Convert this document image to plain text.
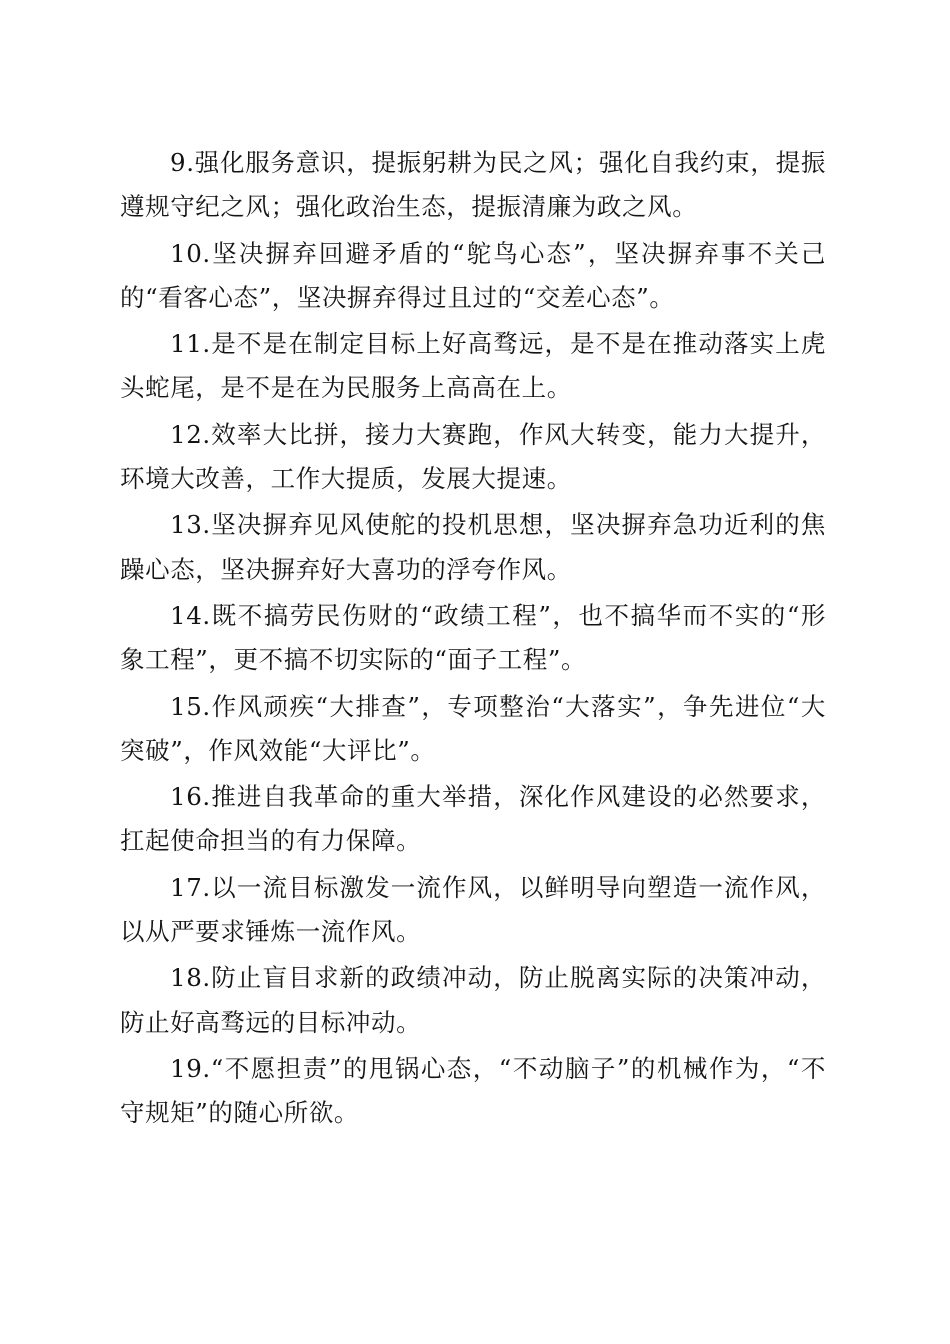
9.强化服务意识，提振躬耕为民之风；强化自我约束，提振遵规守纪之风；强化政治生态，提振清廉为政之风。

10.坚决摒弃回避矛盾的“鸵鸟心态”，坚决摒弃事不关己的“看客心态”，坚决摒弃得过且过的“交差心态”。

11.是不是在制定目标上好高骛远，是不是在推动落实上虎头蛇尾，是不是在为民服务上高高在上。

12.效率大比拼，接力大赛跑，作风大转变，能力大提升，环境大改善，工作大提质，发展大提速。

13.坚决摒弃见风使舵的投机思想，坚决摒弃急功近利的焦躁心态，坚决摒弃好大喜功的浮夸作风。

14.既不搞劳民伤财的“政绩工程”，也不搞华而不实的“形象工程”，更不搞不切实际的“面子工程”。

15.作风顽疾“大排查”，专项整治“大落实”，争先进位“大突破”，作风效能“大评比”。

16.推进自我革命的重大举措，深化作风建设的必然要求，扛起使命担当的有力保障。

17.以一流目标激发一流作风，以鲜明导向塑造一流作风，以从严要求锤炼一流作风。

18.防止盲目求新的政绩冲动，防止脱离实际的决策冲动，防止好高骛远的目标冲动。

19.“不愿担责”的甩锅心态，“不动脑子”的机械作为，“不守规矩”的随心所欲。
